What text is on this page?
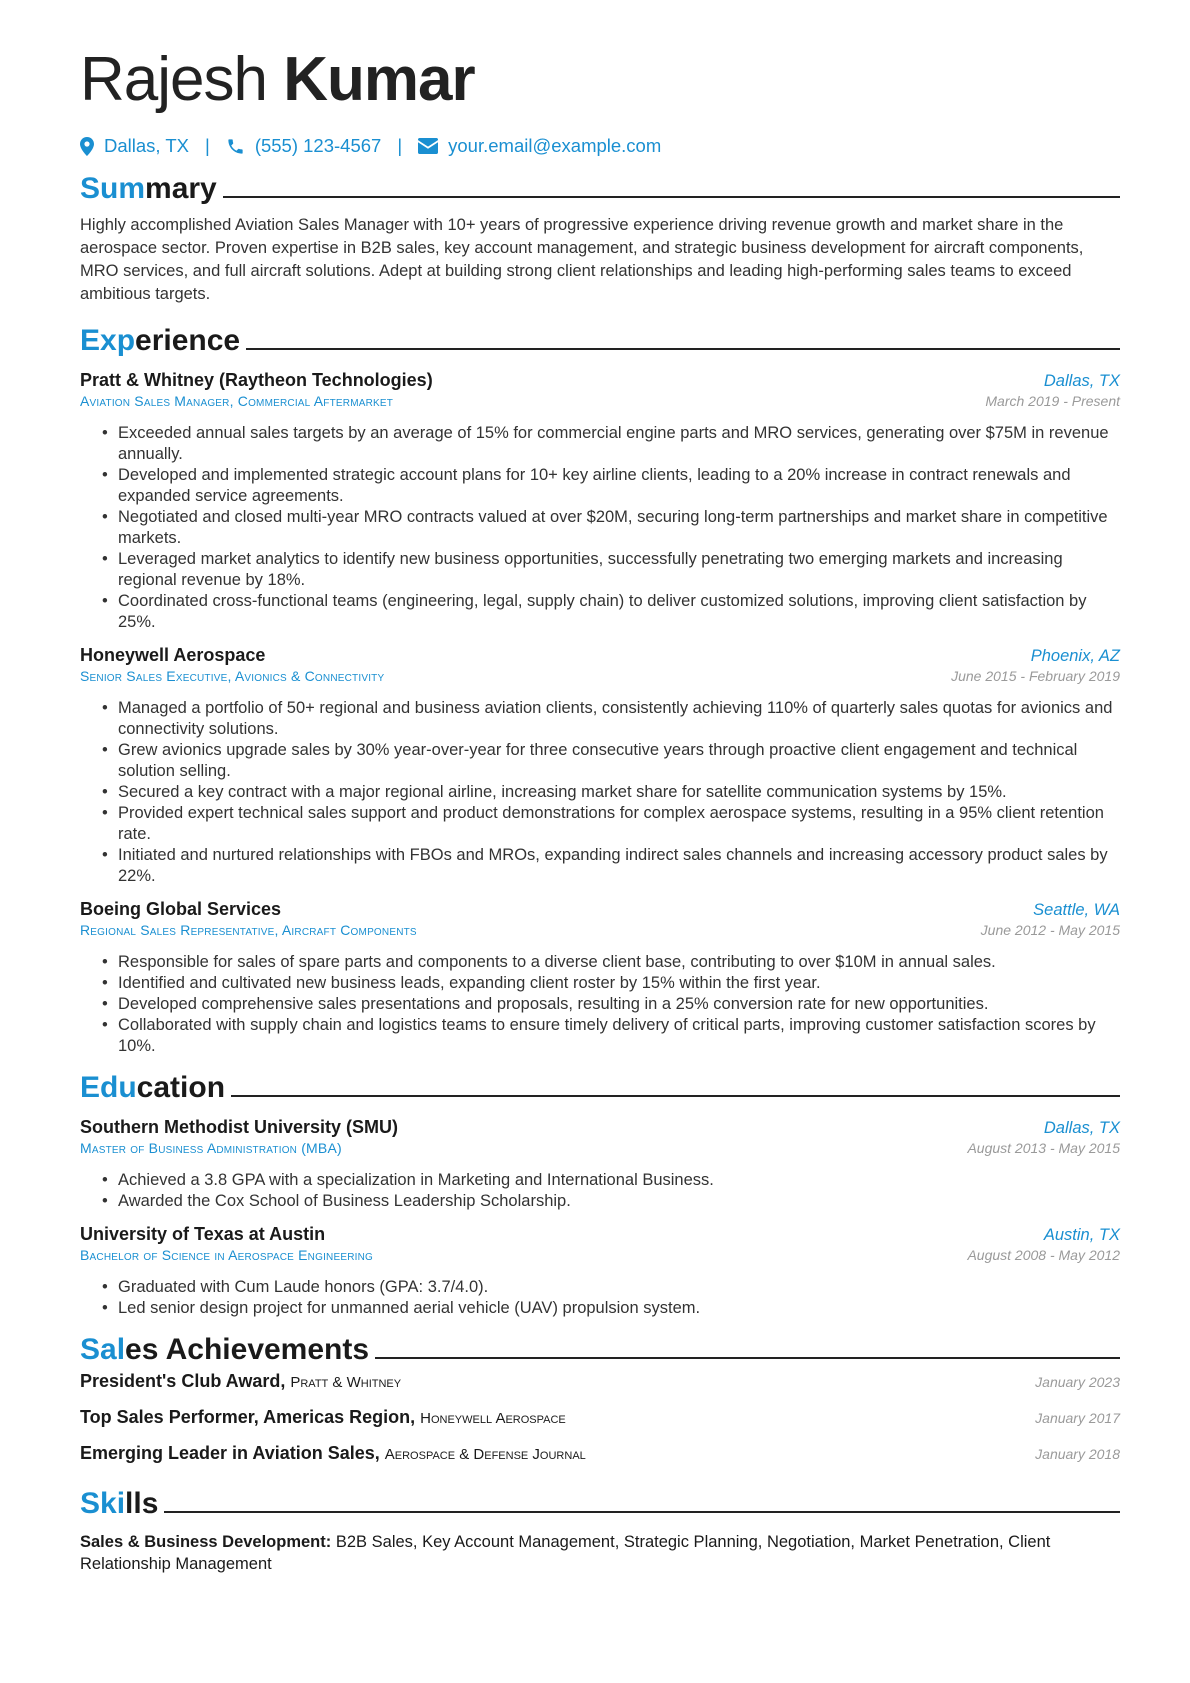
Rajesh Kumar
Dallas, TX | (555) 123-4567 | your.email@example.com
Sum mary
Highly accomplished Aviation Sales Manager with 10+ years of progressive experience driving revenue growth and market share in the aerospace sector. Proven expertise in B2B sales, key account management, and strategic business development for aircraft components, MRO services, and full aircraft solutions. Adept at building strong client relationships and leading high-performing sales teams to exceed ambitious targets.
Exp erience
Pratt & Whitney (Raytheon Technologies)	Dallas, TX
Aviation Sales Manager, Commercial Aftermarket	March 2019 - Present
• Exceeded annual sales targets by an average of 15% for commercial engine parts and MRO services, generating over $75M in revenue annually.
• Developed and implemented strategic account plans for 10+ key airline clients, leading to a 20% increase in contract renewals and expanded service agreements.
• Negotiated and closed multi-year MRO contracts valued at over $20M, securing long-term partnerships and market share in competitive markets.
• Leveraged market analytics to identify new business opportunities, successfully penetrating two emerging markets and increasing regional revenue by 18%.
• Coordinated cross-functional teams (engineering, legal, supply chain) to deliver customized solutions, improving client satisfaction by 25%.
Honeywell Aerospace	Phoenix, AZ
Senior Sales Executive, Avionics & Connectivity	June 2015 - February 2019
• Managed a portfolio of 50+ regional and business aviation clients, consistently achieving 110% of quarterly sales quotas for avionics and connectivity solutions.
• Grew avionics upgrade sales by 30% year-over-year for three consecutive years through proactive client engagement and technical solution selling.
• Secured a key contract with a major regional airline, increasing market share for satellite communication systems by 15%.
• Provided expert technical sales support and product demonstrations for complex aerospace systems, resulting in a 95% client retention rate.
• Initiated and nurtured relationships with FBOs and MROs, expanding indirect sales channels and increasing accessory product sales by 22%.
Boeing Global Services	Seattle, WA
Regional Sales Representative, Aircraft Components	June 2012 - May 2015
• Responsible for sales of spare parts and components to a diverse client base, contributing to over $10M in annual sales.
• Identified and cultivated new business leads, expanding client roster by 15% within the first year.
• Developed comprehensive sales presentations and proposals, resulting in a 25% conversion rate for new opportunities.
• Collaborated with supply chain and logistics teams to ensure timely delivery of critical parts, improving customer satisfaction scores by 10%.
Edu cation
Southern Methodist University (SMU)	Dallas, TX
Master of Business Administration (MBA)	August 2013 - May 2015
• Achieved a 3.8 GPA with a specialization in Marketing and International Business.
• Awarded the Cox School of Business Leadership Scholarship.
University of Texas at Austin	Austin, TX
Bachelor of Science in Aerospace Engineering	August 2008 - May 2012
• Graduated with Cum Laude honors (GPA: 3.7/4.0).
• Led senior design project for unmanned aerial vehicle (UAV) propulsion system.
Sal es Achievements
President's Club Award, Pratt & Whitney	January 2023
Top Sales Performer, Americas Region, Honeywell Aerospace	January 2017
Emerging Leader in Aviation Sales, Aerospace & Defense Journal	January 2018
Ski lls
Sales & Business Development: B2B Sales, Key Account Management, Strategic Planning, Negotiation, Market Penetration, Client Relationship Management
